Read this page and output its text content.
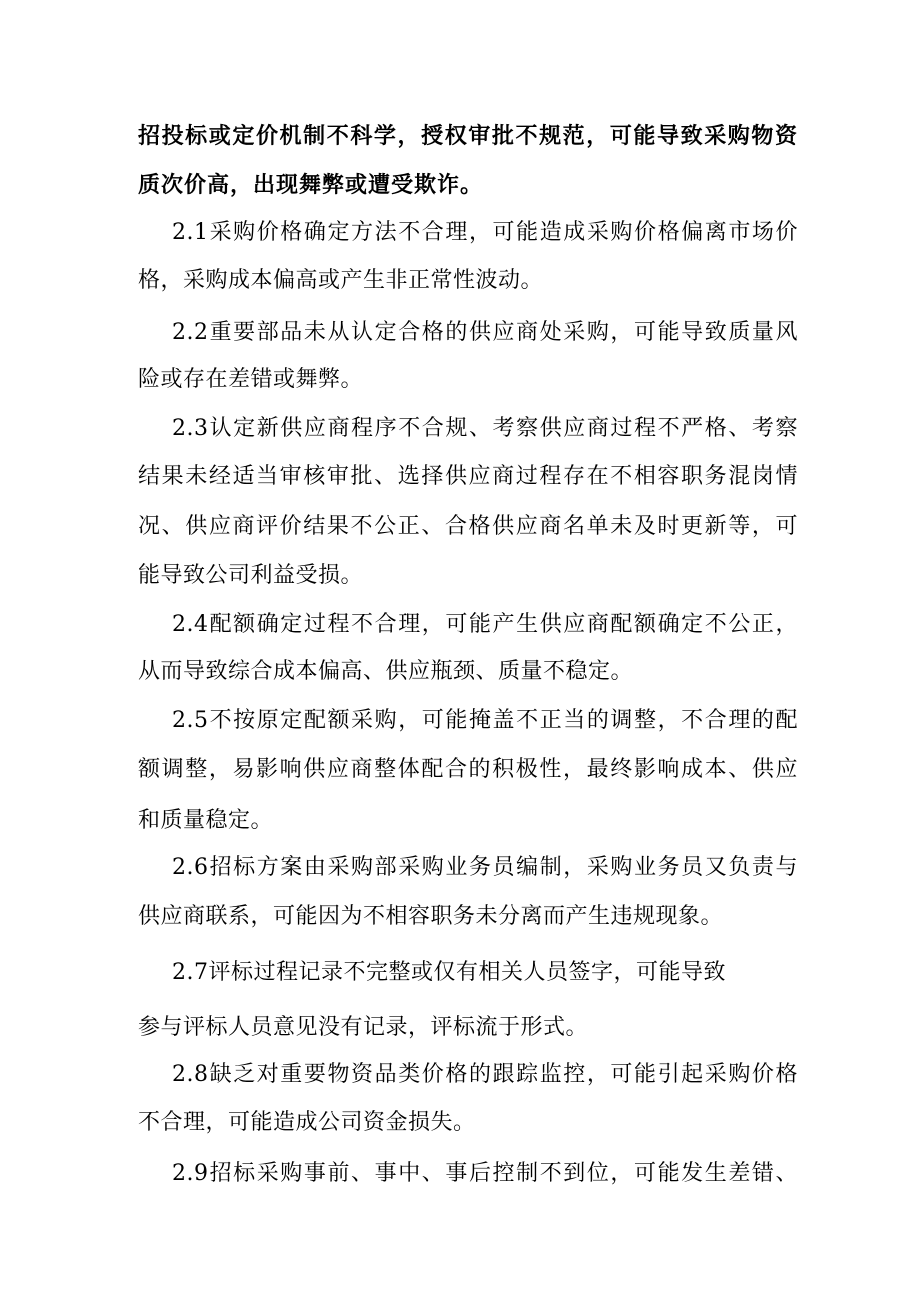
招投标或定价机制不科学，授权审批不规范，可能导致采购物资
质次价高，出现舞弊或遭受欺诈。
2.1采购价格确定方法不合理，可能造成采购价格偏离市场价
格，采购成本偏高或产生非正常性波动。
2.2重要部品未从认定合格的供应商处采购，可能导致质量风
险或存在差错或舞弊。
2.3认定新供应商程序不合规、考察供应商过程不严格、考察
结果未经适当审核审批、选择供应商过程存在不相容职务混岗情
况、供应商评价结果不公正、合格供应商名单未及时更新等，可
能导致公司利益受损。
2.4配额确定过程不合理，可能产生供应商配额确定不公正，
从而导致综合成本偏高、供应瓶颈、质量不稳定。
2.5不按原定配额采购，可能掩盖不正当的调整，不合理的配
额调整，易影响供应商整体配合的积极性，最终影响成本、供应
和质量稳定。
2.6招标方案由采购部采购业务员编制，采购业务员又负责与
供应商联系，可能因为不相容职务未分离而产生违规现象。
2.7评标过程记录不完整或仅有相关人员签字，可能导致
参与评标人员意见没有记录，评标流于形式。
2.8缺乏对重要物资品类价格的跟踪监控，可能引起采购价格
不合理，可能造成公司资金损失。
2.9招标采购事前、事中、事后控制不到位，可能发生差错、
